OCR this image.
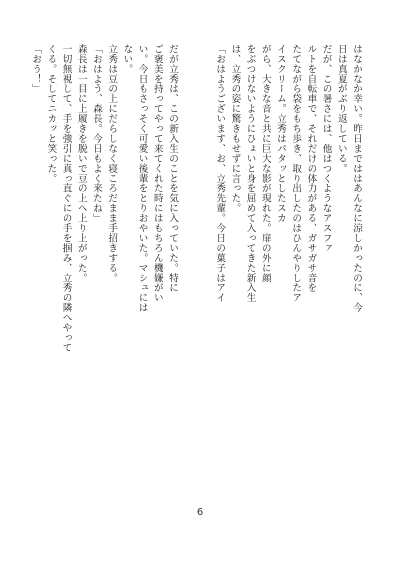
はなかなか幸い。昨日までははあんなに涼しかったのに、今
日は真夏がぶり返している。
だが、この暑さには、他はつくようなアスファ
ルトを自転車で、それだけの体力がある、ガサガサ音を
たてながら袋をもち歩き、取り出したのはひんやりしたア
イスクリーム。立秀はパタッとしたスカ
がら、大きな音と共に巨大な影が現れた。扉の外に顔
をぶつけないようにひょいと身を屈めて入ってきた新入生
は、立秀の姿に驚きもせずに言った。
「おはようございます、お、立秀先輩。今日の菓子はアイ
だが立秀は、この新入生のことを気に入っていた。特に
ご褒美を持ってやって来てくれた時にはもちろん機嫌がい
い。今日もさっそく可愛い後輩をとりおやいた。マシュには
ない。
立秀は豆の上にだらしなく寝ころだまま手招きする。
「おはよう、森長。今日もよく来たね」
森長は一目に上履きを脱いで豆の上へ上り上がった。
一切無視して、手を強引に真っ直ぐにの手を掴み、立秀の隣へやって
くる。そしてニカッと笑った。
「おう！」
6
